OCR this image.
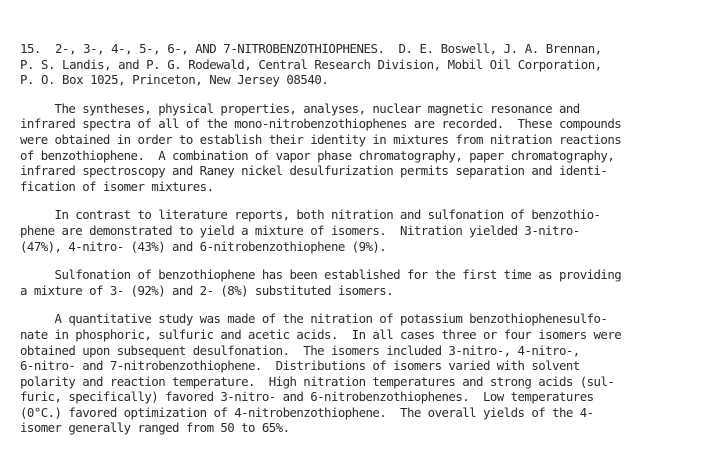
15.  2-, 3-, 4-, 5-, 6-, AND 7-NITROBENZOTHIOPHENES.  D. E. Boswell, J. A. Brennan,
P. S. Landis, and P. G. Rodewald, Central Research Division, Mobil Oil Corporation,
P. O. Box 1025, Princeton, New Jersey 08540.
The syntheses, physical properties, analyses, nuclear magnetic resonance and
infrared spectra of all of the mono-nitrobenzothiophenes are recorded.  These compounds
were obtained in order to establish their identity in mixtures from nitration reactions
of benzothiophene.  A combination of vapor phase chromatography, paper chromatography,
infrared spectroscopy and Raney nickel desulfurization permits separation and identi-
fication of isomer mixtures.
In contrast to literature reports, both nitration and sulfonation of benzothio-
phene are demonstrated to yield a mixture of isomers.  Nitration yielded 3-nitro-
(47%), 4-nitro- (43%) and 6-nitrobenzothiophene (9%).
Sulfonation of benzothiophene has been established for the first time as providing
a mixture of 3- (92%) and 2- (8%) substituted isomers.
A quantitative study was made of the nitration of potassium benzothiophenesulfo-
nate in phosphoric, sulfuric and acetic acids.  In all cases three or four isomers were
obtained upon subsequent desulfonation.  The isomers included 3-nitro-, 4-nitro-,
6-nitro- and 7-nitrobenzothiophene.  Distributions of isomers varied with solvent
polarity and reaction temperature.  High nitration temperatures and strong acids (sul-
furic, specifically) favored 3-nitro- and 6-nitrobenzothiophenes.  Low temperatures
(0°C.) favored optimization of 4-nitrobenzothiophene.  The overall yields of the 4-
isomer generally ranged from 50 to 65%.
